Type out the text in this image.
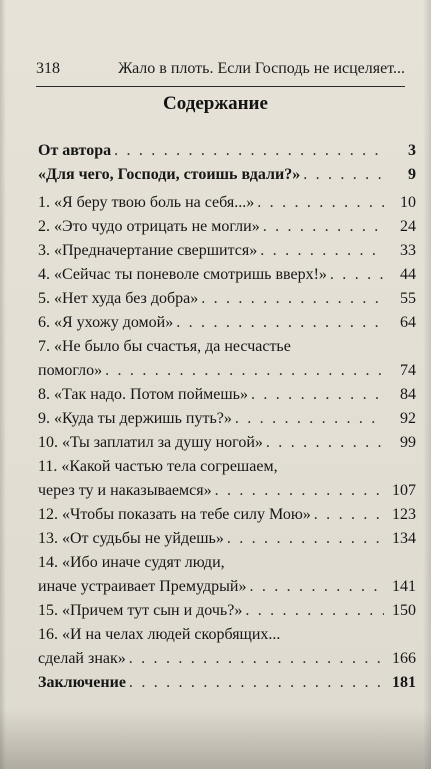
318	Жало в плоть. Если Господь не исцеляет...
Содержание
От автора . . .	3
«Для чего, Господи, стоишь вдали?» . . .	9
1. «Я беру твою боль на себя...» . . .	10
2. «Это чудо отрицать не могли» . . .	24
3. «Предначертание свершится» . . .	33
4. «Сейчас ты поневоле смотришь вверх!» . . .	44
5. «Нет худа без добра» . . .	55
6. «Я ухожу домой» . . .	64
7. «Не было бы счастья, да несчастье
помогло» . . .	74
8. «Так надо. Потом поймешь» . . .	84
9. «Куда ты держишь путь?» . . .	92
10. «Ты заплатил за душу ногой» . . .	99
11. «Какой частью тела согрешаем,
через ту и наказываемся» . . .	107
12. «Чтобы показать на тебе силу Мою» . . .	123
13. «От судьбы не уйдешь» . . .	134
14. «Ибо иначе судят люди,
иначе устраивает Премудрый» . . .	141
15. «Причем тут сын и дочь?» . . .	150
16. «И на челах людей скорбящих...
сделай знак» . . .	166
Заключение . . .	181
